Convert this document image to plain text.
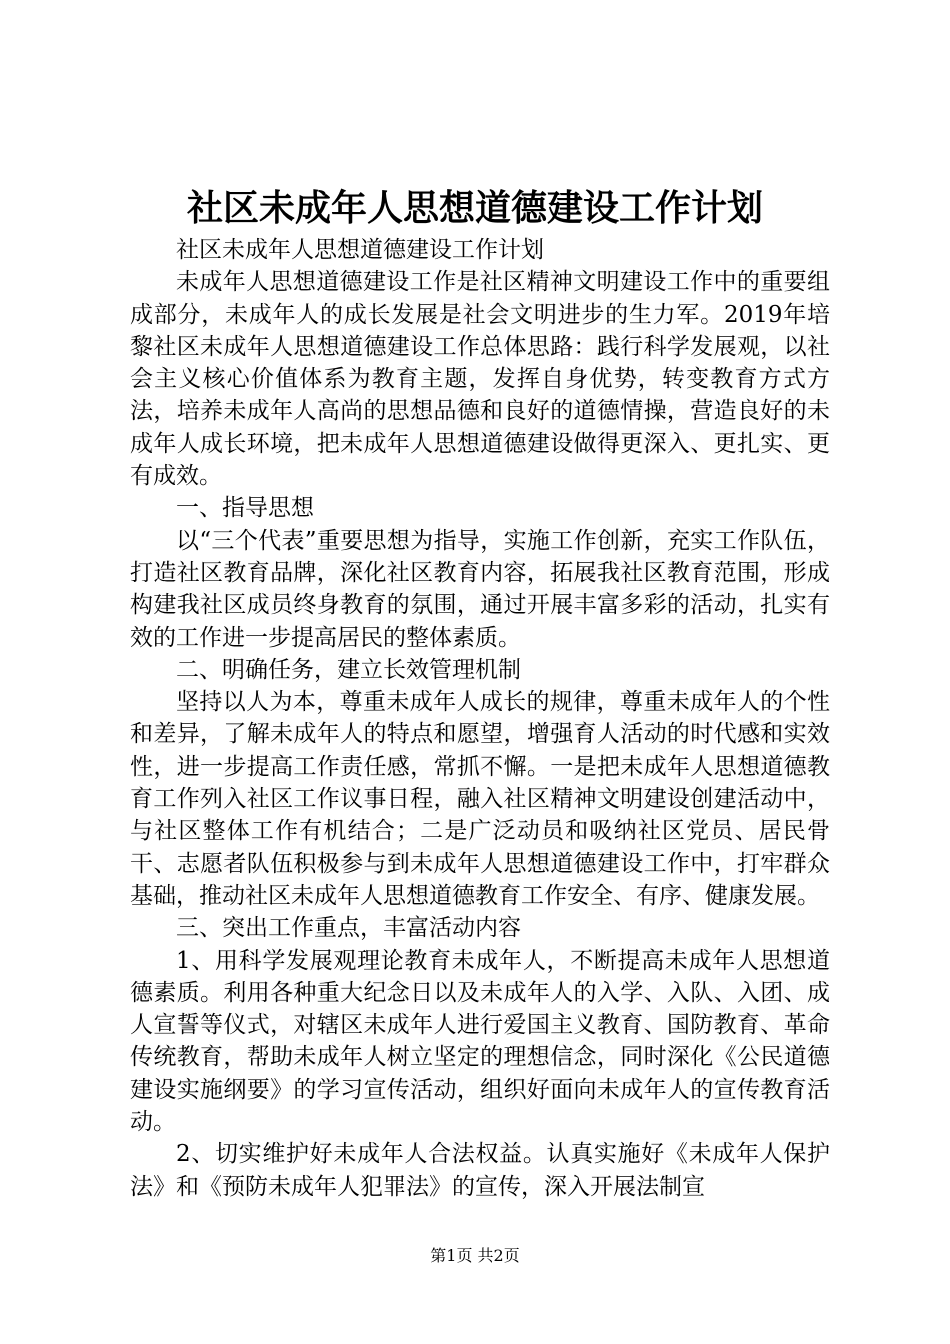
社区未成年人思想道德建设工作计划

社区未成年人思想道德建设工作计划

未成年人思想道德建设工作是社区精神文明建设工作中的重要组成部分，未成年人的成长发展是社会文明进步的生力军。2019年培黎社区未成年人思想道德建设工作总体思路：践行科学发展观，以社会主义核心价值体系为教育主题，发挥自身优势，转变教育方式方法，培养未成年人高尚的思想品德和良好的道德情操，营造良好的未成年人成长环境，把未成年人思想道德建设做得更深入、更扎实、更有成效。

一、指导思想

以“三个代表”重要思想为指导，实施工作创新，充实工作队伍，打造社区教育品牌，深化社区教育内容，拓展我社区教育范围，形成构建我社区成员终身教育的氛围，通过开展丰富多彩的活动，扎实有效的工作进一步提高居民的整体素质。

二、明确任务，建立长效管理机制

坚持以人为本，尊重未成年人成长的规律，尊重未成年人的个性和差异，了解未成年人的特点和愿望，增强育人活动的时代感和实效性，进一步提高工作责任感，常抓不懈。一是把未成年人思想道德教育工作列入社区工作议事日程，融入社区精神文明建设创建活动中，与社区整体工作有机结合；二是广泛动员和吸纳社区党员、居民骨干、志愿者队伍积极参与到未成年人思想道德建设工作中，打牢群众基础，推动社区未成年人思想道德教育工作安全、有序、健康发展。

三、突出工作重点，丰富活动内容

1、用科学发展观理论教育未成年人，不断提高未成年人思想道德素质。利用各种重大纪念日以及未成年人的入学、入队、入团、成人宣誓等仪式，对辖区未成年人进行爱国主义教育、国防教育、革命传统教育，帮助未成年人树立坚定的理想信念，同时深化《公民道德建设实施纲要》的学习宣传活动，组织好面向未成年人的宣传教育活动。

2、切实维护好未成年人合法权益。认真实施好《未成年人保护法》和《预防未成年人犯罪法》的宣传，深入开展法制宣

第1页 共2页
